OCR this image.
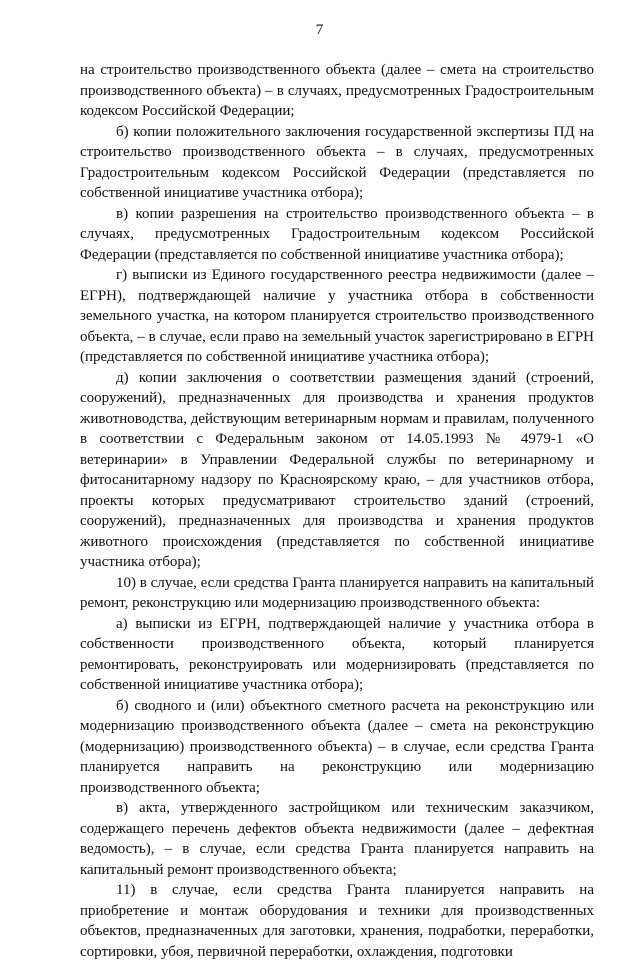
7

на строительство производственного объекта (далее – смета на строительство производственного объекта) – в случаях, предусмотренных Градостроительным кодексом Российской Федерации;

б) копии положительного заключения государственной экспертизы ПД на строительство производственного объекта – в случаях, предусмотренных Градостроительным кодексом Российской Федерации (представляется по собственной инициативе участника отбора);

в) копии разрешения на строительство производственного объекта – в случаях, предусмотренных Градостроительным кодексом Российской Федерации (представляется по собственной инициативе участника отбора);

г) выписки из Единого государственного реестра недвижимости (далее – ЕГРН), подтверждающей наличие у участника отбора в собственности земельного участка, на котором планируется строительство производственного объекта, – в случае, если право на земельный участок зарегистрировано в ЕГРН (представляется по собственной инициативе участника отбора);

д) копии заключения о соответствии размещения зданий (строений, сооружений), предназначенных для производства и хранения продуктов животноводства, действующим ветеринарным нормам и правилам, полученного в соответствии с Федеральным законом от 14.05.1993 № 4979-1 «О ветеринарии» в Управлении Федеральной службы по ветеринарному и фитосанитарному надзору по Красноярскому краю, – для участников отбора, проекты которых предусматривают строительство зданий (строений, сооружений), предназначенных для производства и хранения продуктов животного происхождения (представляется по собственной инициативе участника отбора);

10) в случае, если средства Гранта планируется направить на капитальный ремонт, реконструкцию или модернизацию производственного объекта:

а) выписки из ЕГРН, подтверждающей наличие у участника отбора в собственности производственного объекта, который планируется ремонтировать, реконструировать или модернизировать (представляется по собственной инициативе участника отбора);

б) сводного и (или) объектного сметного расчета на реконструкцию или модернизацию производственного объекта (далее – смета на реконструкцию (модернизацию) производственного объекта) – в случае, если средства Гранта планируется направить на реконструкцию или модернизацию производственного объекта;

в) акта, утвержденного застройщиком или техническим заказчиком, содержащего перечень дефектов объекта недвижимости (далее – дефектная ведомость), – в случае, если средства Гранта планируется направить на капитальный ремонт производственного объекта;

11) в случае, если средства Гранта планируется направить на приобретение и монтаж оборудования и техники для производственных объектов, предназначенных для заготовки, хранения, подработки, переработки, сортировки, убоя, первичной переработки, охлаждения, подготовки
